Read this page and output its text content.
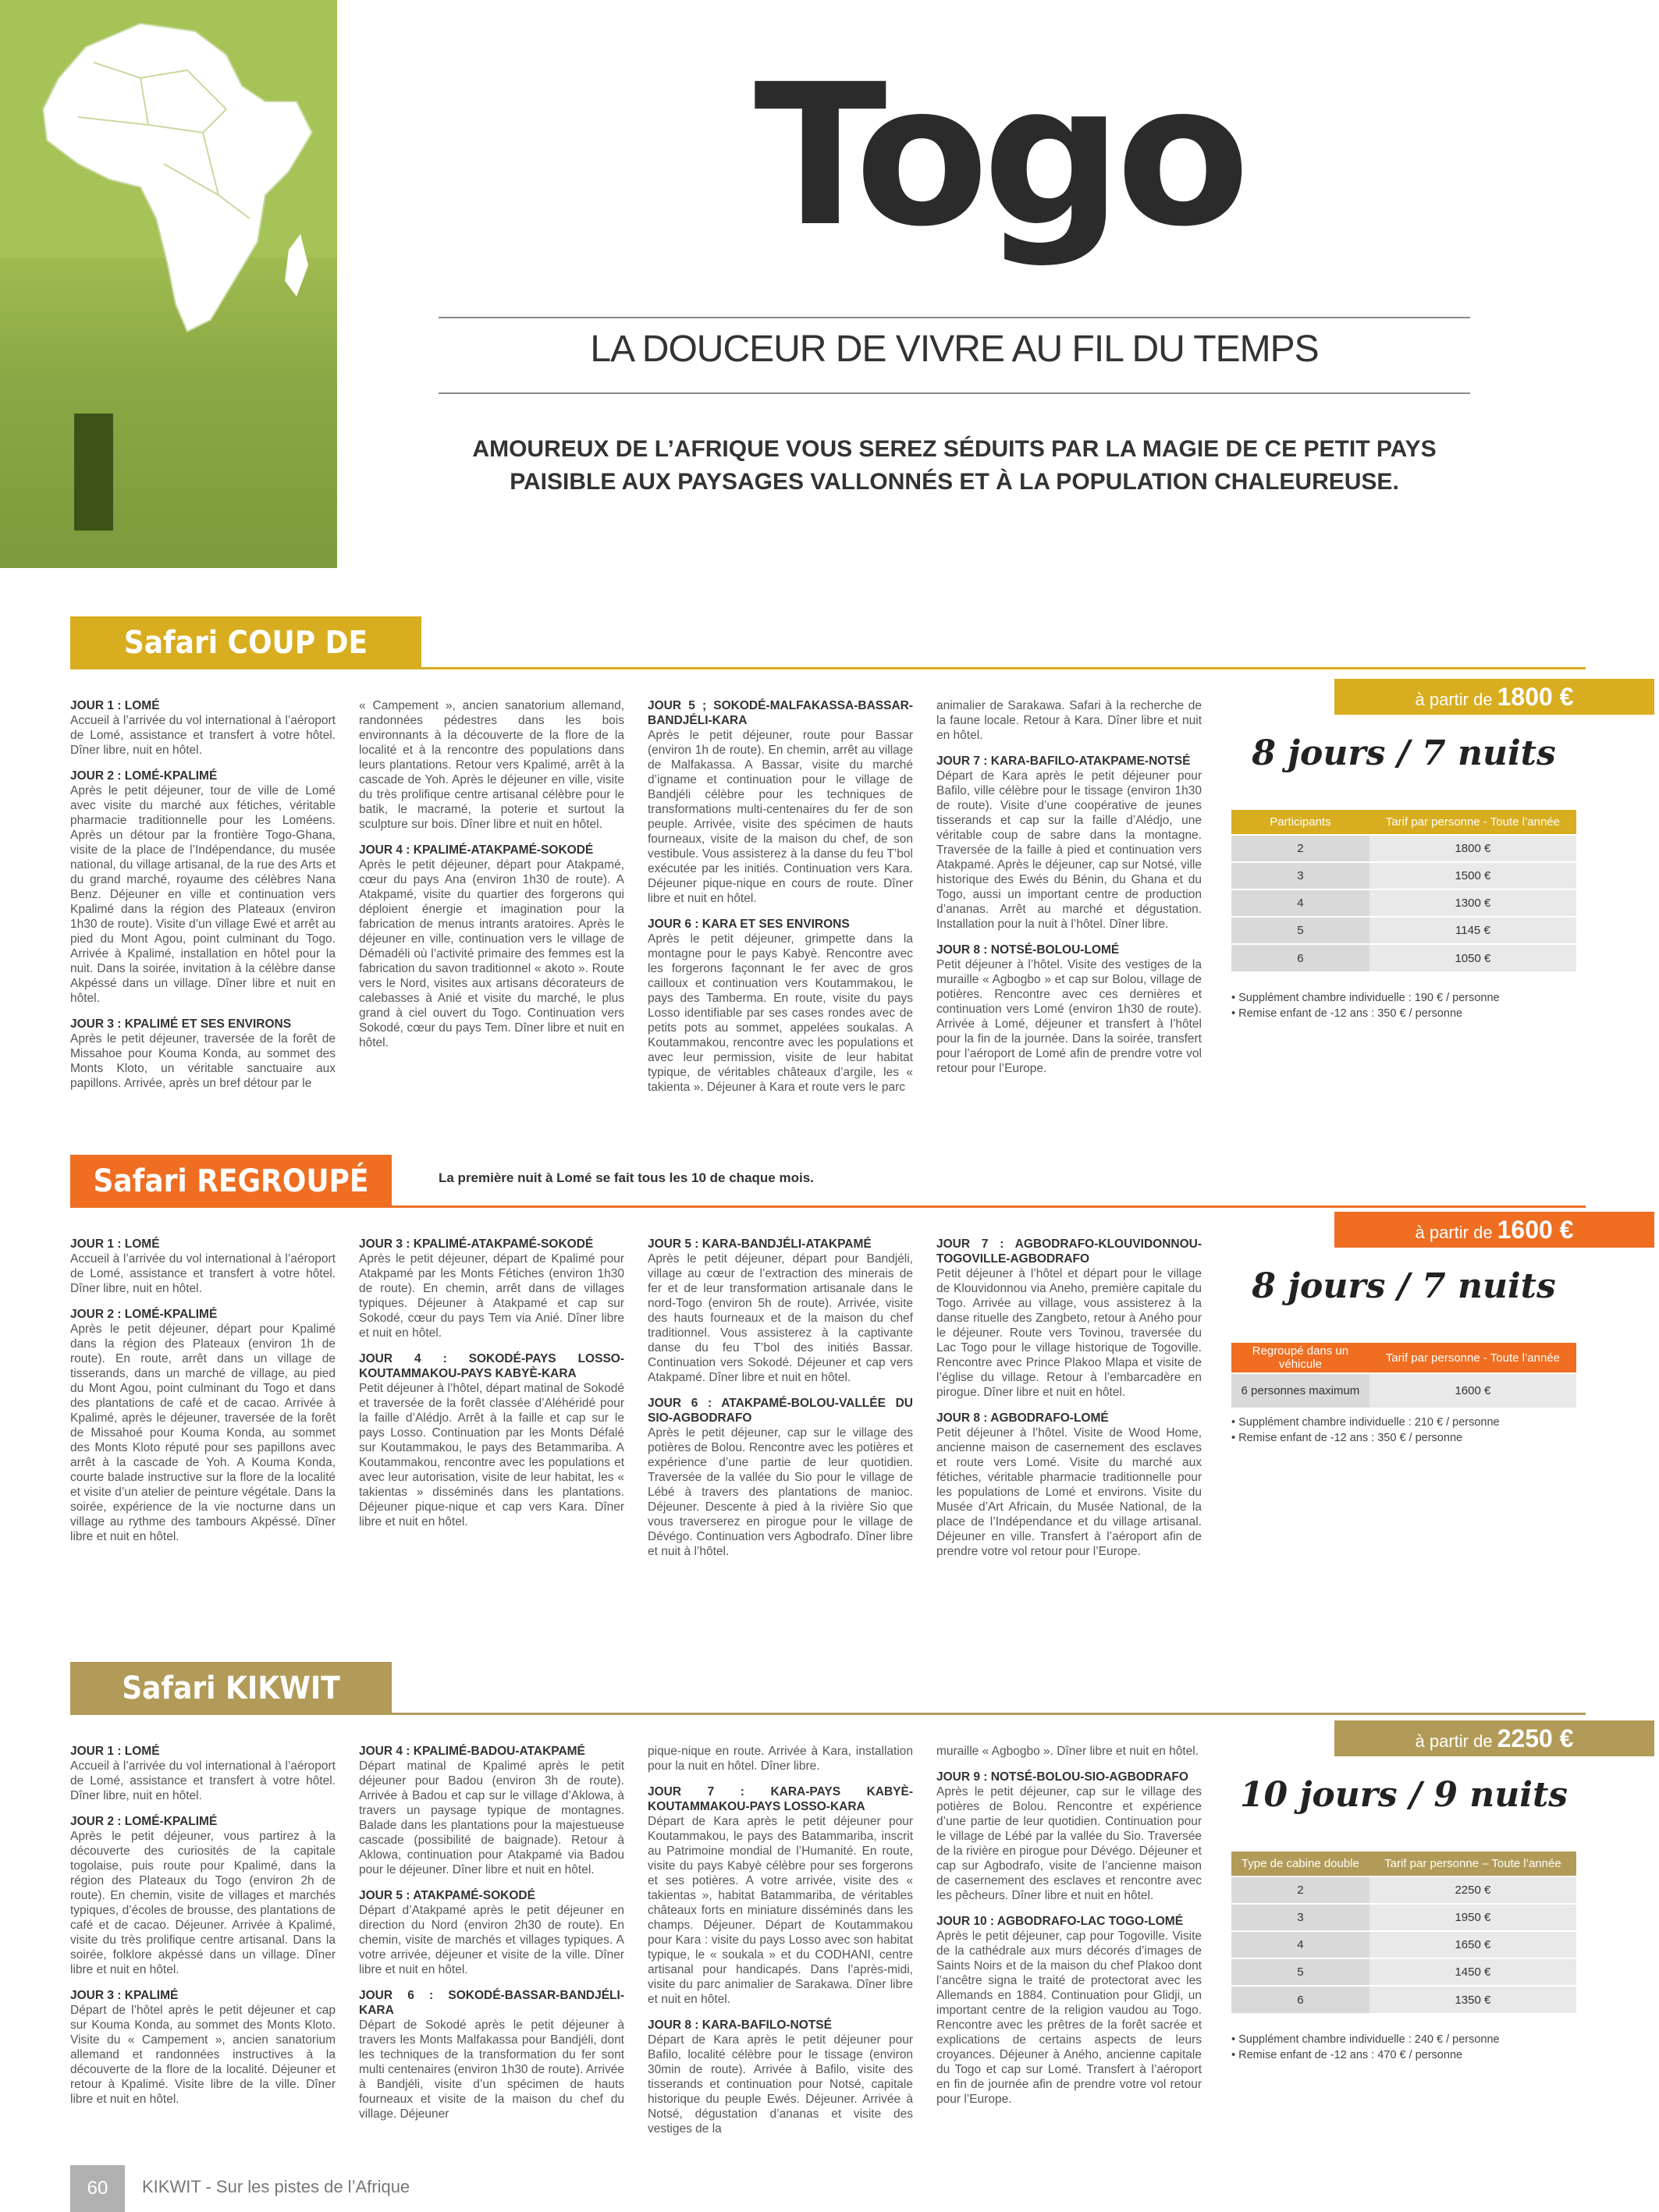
Togo
LA DOUCEUR DE VIVRE AU FIL DU TEMPS
AMOUREUX DE L’AFRIQUE VOUS SEREZ SÉDUITS PAR LA MAGIE DE CE PETIT PAYS PAISIBLE AUX PAYSAGES VALLONNÉS ET À LA POPULATION CHALEUREUSE.
Safari COUP DE CŒUR

JOUR 1 : LOMÉ
Accueil à l’arrivée du vol international à l’aéroport de Lomé, assistance et transfert à votre hôtel. Dîner libre, nuit en hôtel.

JOUR 2 : LOMÉ-KPALIMÉ
Après le petit déjeuner, tour de ville de Lomé avec visite du marché aux fétiches, véritable pharmacie traditionnelle pour les Loméens. Après un détour par la frontière Togo-Ghana, visite de la place de l’Indépendance, du musée national, du village artisanal, de la rue des Arts et du grand marché, royaume des célèbres Nana Benz. Déjeuner en ville et continuation vers Kpalimé dans la région des Plateaux (environ 1h30 de route). Visite d’un village Ewé et arrêt au pied du Mont Agou, point culminant du Togo. Arrivée à Kpalimé, installation en hôtel pour la nuit. Dans la soirée, invitation à la célèbre danse Akpéssé dans un village. Dîner libre et nuit en hôtel.

JOUR 3 : KPALIMÉ ET SES ENVIRONS
Après le petit déjeuner, traversée de la forêt de Missahoe pour Kouma Konda, au sommet des Monts Kloto, un véritable sanctuaire aux papillons. Arrivée, après un bref détour par le

« Campement », ancien sanatorium allemand, randonnées pédestres dans les bois environnants à la découverte de la flore de la localité et à la rencontre des populations dans leurs plantations. Retour vers Kpalimé, arrêt à la cascade de Yoh. Après le déjeuner en ville, visite du très prolifique centre artisanal célèbre pour le batik, le macramé, la poterie et surtout la sculpture sur bois. Dîner libre et nuit en hôtel.

JOUR 4 : KPALIMÉ-ATAKPAMÉ-SOKODÉ
Après le petit déjeuner, départ pour Atakpamé, cœur du pays Ana (environ 1h30 de route). A Atakpamé, visite du quartier des forgerons qui déploient énergie et imagination pour la fabrication de menus intrants aratoires. Après le déjeuner en ville, continuation vers le village de Démadéli où l’activité primaire des femmes est la fabrication du savon traditionnel « akoto ». Route vers le Nord, visites aux artisans décorateurs de calebasses à Anié et visite du marché, le plus grand à ciel ouvert du Togo. Continuation vers Sokodé, cœur du pays Tem. Dîner libre et nuit en hôtel.

JOUR 5 ; SOKODÉ-MALFAKASSA-BASSAR-BANDJÉLI-KARA
Après le petit déjeuner, route pour Bassar (environ 1h de route). En chemin, arrêt au village de Malfakassa. A Bassar, visite du marché d’igname et continuation pour le village de Bandjéli célèbre pour les techniques de transformations multi-centenaires du fer de son peuple. Arrivée, visite des spécimen de hauts fourneaux, visite de la maison du chef, de son vestibule. Vous assisterez à la danse du feu T’bol exécutée par les initiés. Continuation vers Kara. Déjeuner pique-nique en cours de route. Dîner libre et nuit en hôtel.

JOUR 6 : KARA ET SES ENVIRONS
Après le petit déjeuner, grimpette dans la montagne pour le pays Kabyè. Rencontre avec les forgerons façonnant le fer avec de gros cailloux et continuation vers Koutammakou, le pays des Tamberma. En route, visite du pays Losso identifiable par ses cases rondes avec de petits pots au sommet, appelées soukalas. A Koutammakou, rencontre avec les populations et avec leur permission, visite de leur habitat typique, de véritables châteaux d’argile, les « takienta ». Déjeuner à Kara et route vers le parc

animalier de Sarakawa. Safari à la recherche de la faune locale. Retour à Kara. Dîner libre et nuit en hôtel.

JOUR 7 : KARA-BAFILO-ATAKPAME-NOTSÉ
Départ de Kara après le petit déjeuner pour Bafilo, ville célèbre pour le tissage (environ 1h30 de route). Visite d’une coopérative de jeunes tisserands et cap sur la faille d’Alédjo, une véritable coup de sabre dans la montagne. Traversée de la faille à pied et continuation vers Atakpamé. Après le déjeuner, cap sur Notsé, ville historique des Ewés du Bénin, du Ghana et du Togo, aussi un important centre de production d’ananas. Arrêt au marché et dégustation. Installation pour la nuit à l’hôtel. Dîner libre.

JOUR 8 : NOTSÉ-BOLOU-LOMÉ
Petit déjeuner à l’hôtel. Visite des vestiges de la muraille « Agbogbo » et cap sur Bolou, village de potières. Rencontre avec ces dernières et continuation vers Lomé (environ 1h30 de route). Arrivée à Lomé, déjeuner et transfert à l’hôtel pour la fin de la journée. Dans la soirée, transfert pour l’aéroport de Lomé afin de prendre votre vol retour pour l’Europe.

à partir de 1800 €
8 jours / 7 nuits
Participants	Tarif par personne - Toute l’année
2	1800 €
3	1500 €
4	1300 €
5	1145 €
6	1050 €
• Supplément chambre individuelle : 190 € / personne
• Remise enfant de -12 ans : 350 € / personne
Safari REGROUPÉ	La première nuit à Lomé se fait tous les 10 de chaque mois.

JOUR 1 : LOMÉ
Accueil à l’arrivée du vol international à l’aéroport de Lomé, assistance et transfert à votre hôtel. Dîner libre, nuit en hôtel.

JOUR 2 : LOMÉ-KPALIMÉ
Après le petit déjeuner, départ pour Kpalimé dans la région des Plateaux (environ 1h de route). En route, arrêt dans un village de tisserands, dans un marché de village, au pied du Mont Agou, point culminant du Togo et dans des plantations de café et de cacao. Arrivée à Kpalimé, après le déjeuner, traversée de la forêt de Missahoé pour Kouma Konda, au sommet des Monts Kloto réputé pour ses papillons avec arrêt à la cascade de Yoh. A Kouma Konda, courte balade instructive sur la flore de la localité et visite d’un atelier de peinture végétale. Dans la soirée, expérience de la vie nocturne dans un village au rythme des tambours Akpéssé. Dîner libre et nuit en hôtel.

JOUR 3 : KPALIMÉ-ATAKPAMÉ-SOKODÉ
Après le petit déjeuner, départ de Kpalimé pour Atakpamé par les Monts Fétiches (environ 1h30 de route). En chemin, arrêt dans de villages typiques. Déjeuner à Atakpamé et cap sur Sokodé, cœur du pays Tem via Anié. Dîner libre et nuit en hôtel.

JOUR 4 : SOKODÉ-PAYS LOSSO-KOUTAMMAKOU-PAYS KABYÈ-KARA
Petit déjeuner à l’hôtel, départ matinal de Sokodé et traversée de la forêt classée d’Aléhéridé pour la faille d’Alédjo. Arrêt à la faille et cap sur le pays Losso. Continuation par les Monts Défalé sur Koutammakou, le pays des Betammariba. A Koutammakou, rencontre avec les populations et avec leur autorisation, visite de leur habitat, les « takientas » disséminés dans les plantations. Déjeuner pique-nique et cap vers Kara. Dîner libre et nuit en hôtel.

JOUR 5 : KARA-BANDJÉLI-ATAKPAMÉ
Après le petit déjeuner, départ pour Bandjéli, village au cœur de l’extraction des minerais de fer et de leur transformation artisanale dans le nord-Togo (environ 5h de route). Arrivée, visite des hauts fourneaux et de la maison du chef traditionnel. Vous assisterez à la captivante danse du feu T’bol des initiés Bassar. Continuation vers Sokodé. Déjeuner et cap vers Atakpamé. Dîner libre et nuit en hôtel.

JOUR 6 : ATAKPAMÉ-BOLOU-VALLÉE DU SIO-AGBODRAFO
Après le petit déjeuner, cap sur le village des potières de Bolou. Rencontre avec les potières et expérience d’une partie de leur quotidien. Traversée de la vallée du Sio pour le village de Lébé à travers des plantations de manioc. Déjeuner. Descente à pied à la rivière Sio que vous traverserez en pirogue pour le village de Dévégo. Continuation vers Agbodrafo. Dîner libre et nuit à l’hôtel.

JOUR 7 : AGBODRAFO-KLOUVIDONNOU-TOGOVILLE-AGBODRAFO
Petit déjeuner à l’hôtel et départ pour le village de Klouvidonnou via Aneho, première capitale du Togo. Arrivée au village, vous assisterez à la danse rituelle des Zangbeto, retour à Aného pour le déjeuner. Route vers Tovinou, traversée du Lac Togo pour le village historique de Togoville. Rencontre avec Prince Plakoo Mlapa et visite de l’église du village. Retour à l’embarcadère en pirogue. Dîner libre et nuit en hôtel.

JOUR 8 : AGBODRAFO-LOMÉ
Petit déjeuner à l’hôtel. Visite de Wood Home, ancienne maison de casernement des esclaves et route vers Lomé. Visite du marché aux fétiches, véritable pharmacie traditionnelle pour les populations de Lomé et environs. Visite du Musée d’Art Africain, du Musée National, de la place de l’Indépendance et du village artisanal. Déjeuner en ville. Transfert à l’aéroport afin de prendre votre vol retour pour l’Europe.

à partir de 1600 €
8 jours / 7 nuits
Regroupé dans un véhicule	Tarif par personne - Toute l’année
6 personnes maximum	1600 €
• Supplément chambre individuelle : 210 € / personne
• Remise enfant de -12 ans : 350 € / personne
Safari KIKWIT

JOUR 1 : LOMÉ
Accueil à l’arrivée du vol international à l’aéroport de Lomé, assistance et transfert à votre hôtel. Dîner libre, nuit en hôtel.

JOUR 2 : LOMÉ-KPALIMÉ
Après le petit déjeuner, vous partirez à la découverte des curiosités de la capitale togolaise, puis route pour Kpalimé, dans la région des Plateaux du Togo (environ 2h de route). En chemin, visite de villages et marchés typiques, d’écoles de brousse, des plantations de café et de cacao. Déjeuner. Arrivée à Kpalimé, visite du très prolifique centre artisanal. Dans la soirée, folklore akpéssé dans un village. Dîner libre et nuit en hôtel.

JOUR 3 : KPALIMÉ
Départ de l’hôtel après le petit déjeuner et cap sur Kouma Konda, au sommet des Monts Kloto. Visite du « Campement », ancien sanatorium allemand et randonnées instructives à la découverte de la flore de la localité. Déjeuner et retour à Kpalimé. Visite libre de la ville. Dîner libre et nuit en hôtel.

JOUR 4 : KPALIMÉ-BADOU-ATAKPAMÉ
Départ matinal de Kpalimé après le petit déjeuner pour Badou (environ 3h de route). Arrivée à Badou et cap sur le village d’Aklowa, à travers un paysage typique de montagnes. Balade dans les plantations pour la majestueuse cascade (possibilité de baignade). Retour à Aklowa, continuation pour Atakpamé via Badou pour le déjeuner. Dîner libre et nuit en hôtel.

JOUR 5 : ATAKPAMÉ-SOKODÉ
Départ d’Atakpamé après le petit déjeuner en direction du Nord (environ 2h30 de route). En chemin, visite de marchés et villages typiques. A votre arrivée, déjeuner et visite de la ville. Dîner libre et nuit en hôtel.

JOUR 6 : SOKODÉ-BASSAR-BANDJÉLI-KARA
Départ de Sokodé après le petit déjeuner à travers les Monts Malfakassa pour Bandjéli, dont les techniques de la transformation du fer sont multi centenaires (environ 1h30 de route). Arrivée à Bandjéli, visite d’un spécimen de hauts fourneaux et visite de la maison du chef du village. Déjeuner

pique-nique en route. Arrivée à Kara, installation pour la nuit en hôtel. Dîner libre.

JOUR 7 : KARA-PAYS KABYÈ-KOUTAMMAKOU-PAYS LOSSO-KARA
Départ de Kara après le petit déjeuner pour Koutammakou, le pays des Batammariba, inscrit au Patrimoine mondial de l’Humanité. En route, visite du pays Kabyè célèbre pour ses forgerons et ses potières. A votre arrivée, visite des « takientas », habitat Batammariba, de véritables châteaux forts en miniature disséminés dans les champs. Déjeuner. Départ de Koutammakou pour Kara : visite du pays Losso avec son habitat typique, le « soukala » et du CODHANI, centre artisanal pour handicapés. Dans l’après-midi, visite du parc animalier de Sarakawa. Dîner libre et nuit en hôtel.

JOUR 8 : KARA-BAFILO-NOTSÉ
Départ de Kara après le petit déjeuner pour Bafilo, localité célèbre pour le tissage (environ 30min de route). Arrivée à Bafilo, visite des tisserands et continuation pour Notsé, capitale historique du peuple Ewés. Déjeuner. Arrivée à Notsé, dégustation d’ananas et visite des vestiges de la

muraille « Agbogbo ». Dîner libre et nuit en hôtel.

JOUR 9 : NOTSÉ-BOLOU-SIO-AGBODRAFO
Après le petit déjeuner, cap sur le village des potières de Bolou. Rencontre et expérience d’une partie de leur quotidien. Continuation pour le village de Lébé par la vallée du Sio. Traversée de la rivière en pirogue pour Dévégo. Déjeuner et cap sur Agbodrafo, visite de l’ancienne maison de casernement des esclaves et rencontre avec les pêcheurs. Dîner libre et nuit en hôtel.

JOUR 10 : AGBODRAFO-LAC TOGO-LOMÉ
Après le petit déjeuner, cap pour Togoville. Visite de la cathédrale aux murs décorés d’images de Saints Noirs et de la maison du chef Plakoo dont l’ancêtre signa le traité de protectorat avec les Allemands en 1884. Continuation pour Glidji, un important centre de la religion vaudou au Togo. Rencontre avec les prêtres de la forêt sacrée et explications de certains aspects de leurs croyances. Déjeuner à Aného, ancienne capitale du Togo et cap sur Lomé. Transfert à l’aéroport en fin de journée afin de prendre votre vol retour pour l’Europe.

à partir de 2250 €
10 jours / 9 nuits
Type de cabine double	Tarif par personne – Toute l’année
2	2250 €
3	1950 €
4	1650 €
5	1450 €
6	1350 €
• Supplément chambre individuelle : 240 € / personne
• Remise enfant de -12 ans : 470 € / personne
60	KIKWIT - Sur les pistes de l’Afrique
